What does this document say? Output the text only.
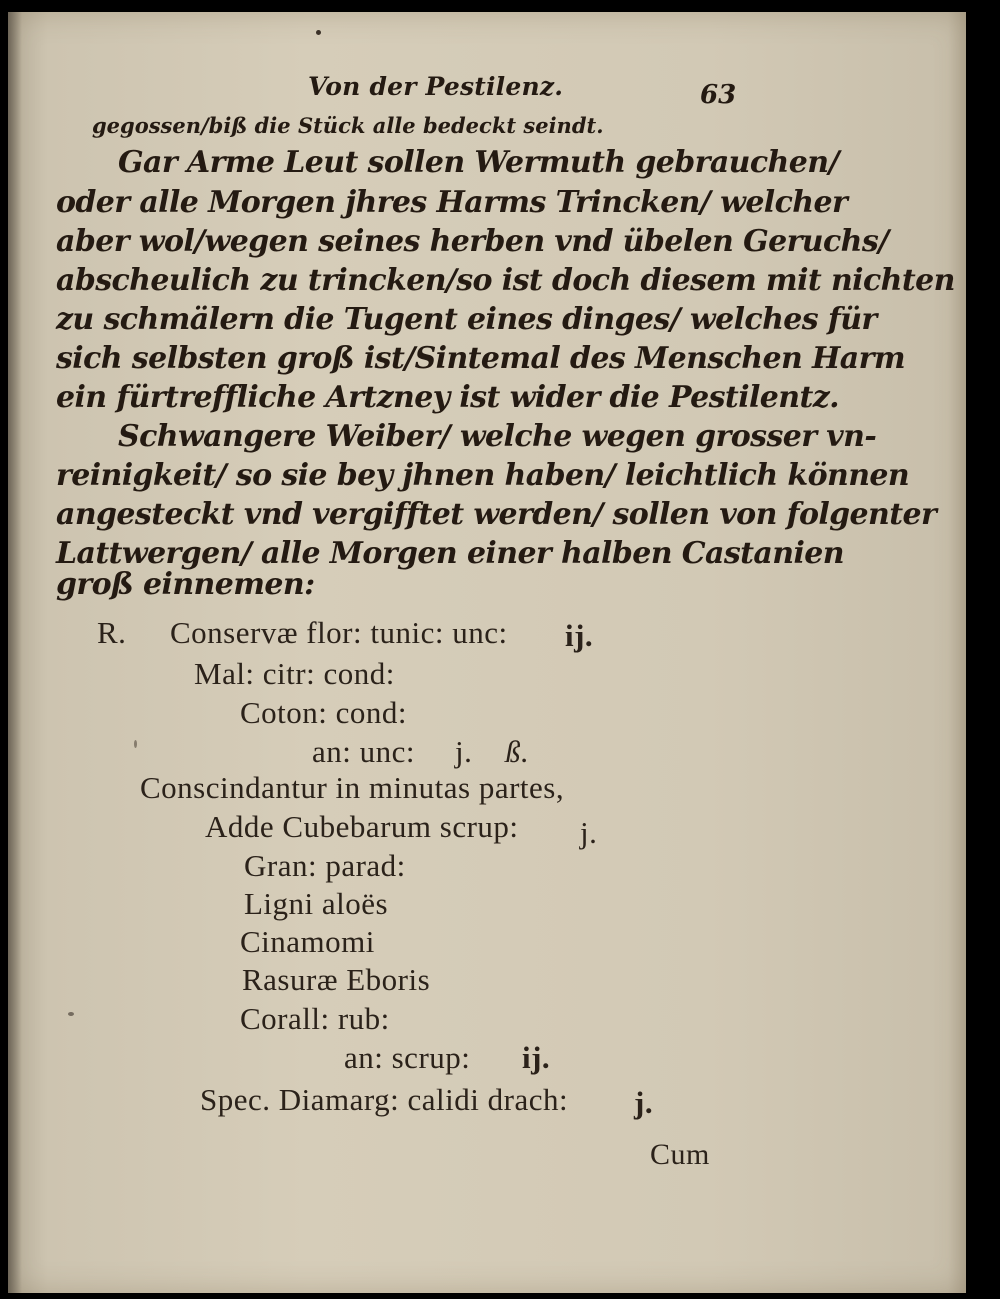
Von der Pestilenz.	63
gegossen/biß die Stück alle bedeckt seindt.
Gar Arme Leut sollen Wermuth gebrauchen/
oder alle Morgen jhres Harms Trincken/ welcher
aber wol/wegen seines herben vnd übelen Geruchs/
abscheulich zu trincken/so ist doch diesem mit nichten
zu schmälern die Tugent eines dinges/ welches für
sich selbsten groß ist/Sintemal des Menschen Harm
ein fürtreffliche Artzney ist wider die Pestilentz.
Schwangere Weiber/ welche wegen grosser vn-
reinigkeit/ so sie bey jhnen haben/ leichtlich können
angesteckt vnd vergifftet werden/ sollen von folgenter
Lattwergen/ alle Morgen einer halben Castanien
groß einnemen:
R. Conservæ flor: tunic: unc: ij.
Mal: citr: cond:
Coton: cond:
an: unc: j. ß.
Conscindantur in minutas partes,
Adde Cubebarum scrup: j.
Gran: parad:
Ligni aloës
Cinamomi
Rasuræ Eboris
Corall: rub:
an: scrup: ij.
Spec. Diamarg: calidi drach: j.
Cum
